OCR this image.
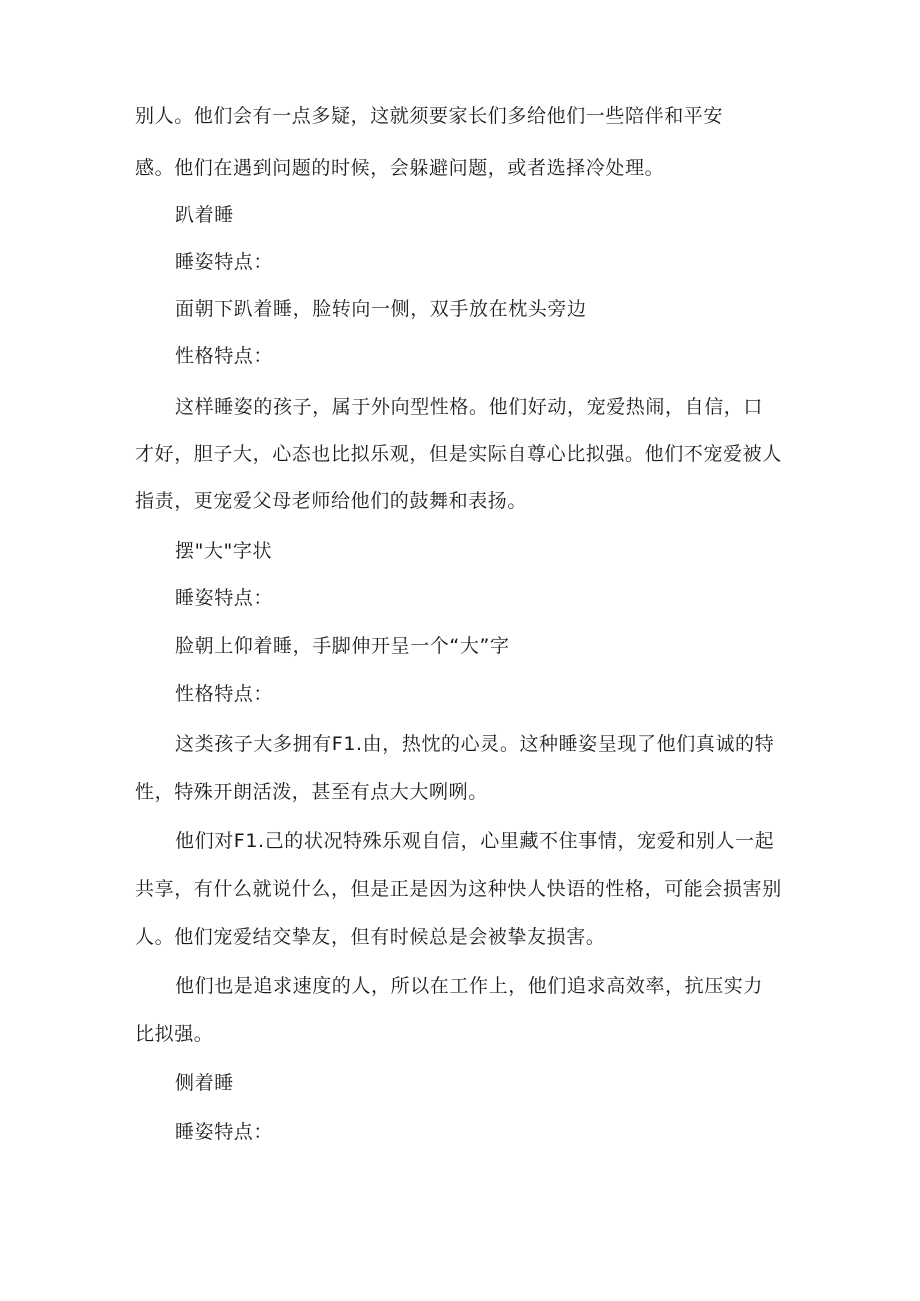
别人。他们会有一点多疑，这就须要家长们多给他们一些陪伴和平安
感。他们在遇到问题的时候，会躲避问题，或者选择冷处理。
趴着睡
睡姿特点：
面朝下趴着睡，脸转向一侧，双手放在枕头旁边
性格特点：
这样睡姿的孩子，属于外向型性格。他们好动，宠爱热闹，自信，口
才好，胆子大，心态也比拟乐观，但是实际自尊心比拟强。他们不宠爱被人
指责，更宠爱父母老师给他们的鼓舞和表扬。
摆"大"字状
睡姿特点：
脸朝上仰着睡，手脚伸开呈一个“大”字
性格特点：
这类孩子大多拥有F1.由，热忱的心灵。这种睡姿呈现了他们真诚的特
性，特殊开朗活泼，甚至有点大大咧咧。
他们对F1.己的状况特殊乐观自信，心里藏不住事情，宠爱和别人一起
共享，有什么就说什么，但是正是因为这种快人快语的性格，可能会损害别
人。他们宠爱结交挚友，但有时候总是会被挚友损害。
他们也是追求速度的人，所以在工作上，他们追求高效率，抗压实力
比拟强。
侧着睡
睡姿特点：
